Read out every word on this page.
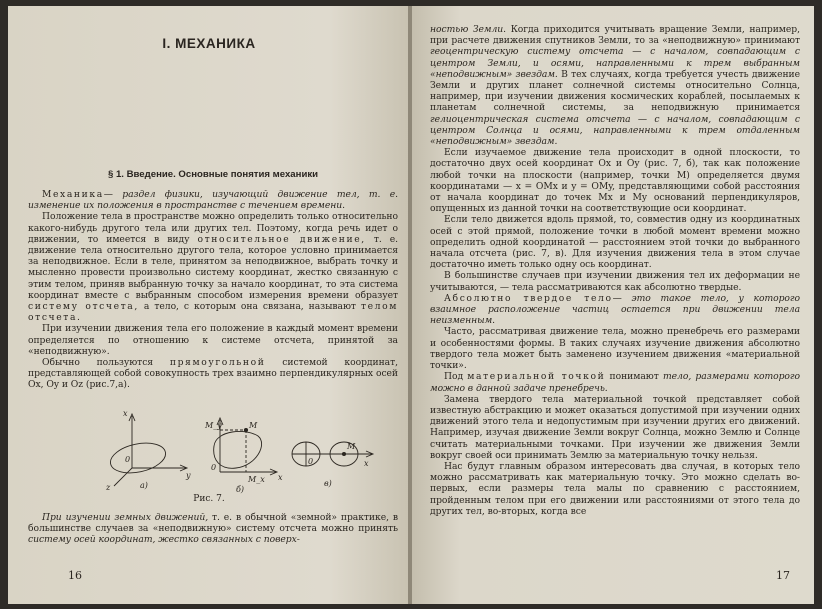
I. МЕХАНИКА
§ 1. Введение. Основные понятия механики

Механика— раздел физики, изучающий движение тел, т. е. изменение их положения в пространстве с течением времени.

Положение тела в пространстве можно определить только относительно какого-нибудь другого тела или других тел. Поэтому, когда речь идет о движении, то имеется в виду относительное движение, т. е. движение тела относительно другого тела, которое условно принимается за неподвижное. Если в теле, принятом за неподвижное, выбрать точку и мысленно провести произвольно систему координат, жестко связанную с этим телом, приняв выбранную точку за начало координат, то эта система координат вместе с выбранным способом измерения времени образует систему отсчета, а тело, с которым она связана, называют телом отсчета.

При изучении движения тела его положение в каждый момент времени определяется по отношению к системе отсчета, принятой за «неподвижную».

Обычно пользуются прямоугольной системой координат, представляющей собой совокупность трех взаимно перпендикулярных осей Ox, Oy и Oz (рис.7,а).

x
0
y
z	а)
M_y	M
0
M_x x
б)
0
M
x
в)
Рис. 7.

При изучении земных движений, т. е. в обычной «земной» практике, в большинстве случаев за «неподвижную» систему отсчета можно принять систему осей координат, жестко связанных с поверх-

16

ностью Земли. Когда приходится учитывать вращение Земли, например, при расчете движения спутников Земли, то за «неподвижную» принимают геоцентрическую систему отсчета — с началом, совпадающим с центром Земли, и осями, направленными к трем выбранным «неподвижным» звездам. В тех случаях, когда требуется учесть движение Земли и других планет солнечной системы относительно Солнца, например, при изучении движения космических кораблей, посылаемых к планетам солнечной системы, за неподвижную принимается гелиоцентрическая система отсчета — с началом, совпадающим с центром Солнца и осями, направленными к трем отдаленным «неподвижным» звездам.

Если изучаемое движение тела происходит в одной плоскости, то достаточно двух осей координат Ox и Oy (рис. 7, б), так как положение любой точки на плоскости (например, точки M) определяется двумя координатами — x = OMx и y = OMy, представляющими собой расстояния от начала координат до точек Mx и My оснований перпендикуляров, опущенных из данной точки на соответствующие оси координат.

Если тело движется вдоль прямой, то, совместив одну из координатных осей с этой прямой, положение точки в любой момент времени можно определить одной координатой — расстоянием этой точки до выбранного начала отсчета (рис. 7, в). Для изучения движения тела в этом случае достаточно иметь только одну ось координат.

В большинстве случаев при изучении движения тел их деформации не учитываются, — тела рассматриваются как абсолютно твердые.

Абсолютно твердое тело— это такое тело, у которого взаимное расположение частиц остается при движении тела неизменным.

Часто, рассматривая движение тела, можно пренебречь его размерами и особенностями формы. В таких случаях изучение движения абсолютно твердого тела может быть заменено изучением движения «материальной точки».

Под материальной точкой понимают тело, размерами которого можно в данной задаче пренебречь.

Замена твердого тела материальной точкой представляет собой известную абстракцию и может оказаться допустимой при изучении одних движений этого тела и недопустимым при изучении других его движений. Например, изучая движение Земли вокруг Солнца, можно Землю и Солнце считать материальными точками. При изучении же движения Земли вокруг своей оси принимать Землю за материальную точку нельзя.

Нас будут главным образом интересовать два случая, в которых тело можно рассматривать как материальную точку. Это можно сделать во-первых, если размеры тела малы по сравнению с расстоянием, пройденным телом при его движении или расстояниями от этого тела до других тел, во-вторых, когда все

17
